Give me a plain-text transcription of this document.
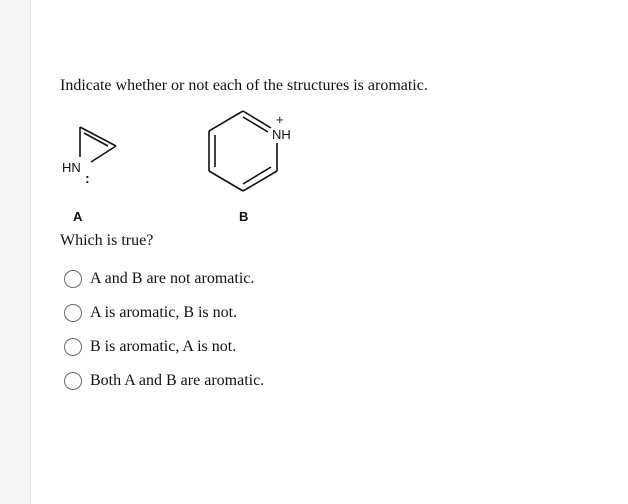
Indicate whether or not each of the structures is aromatic.
HN
:
A
+
NH
B
Which is true?
A and B are not aromatic.
A is aromatic, B is not.
B is aromatic, A is not.
Both A and B are aromatic.
